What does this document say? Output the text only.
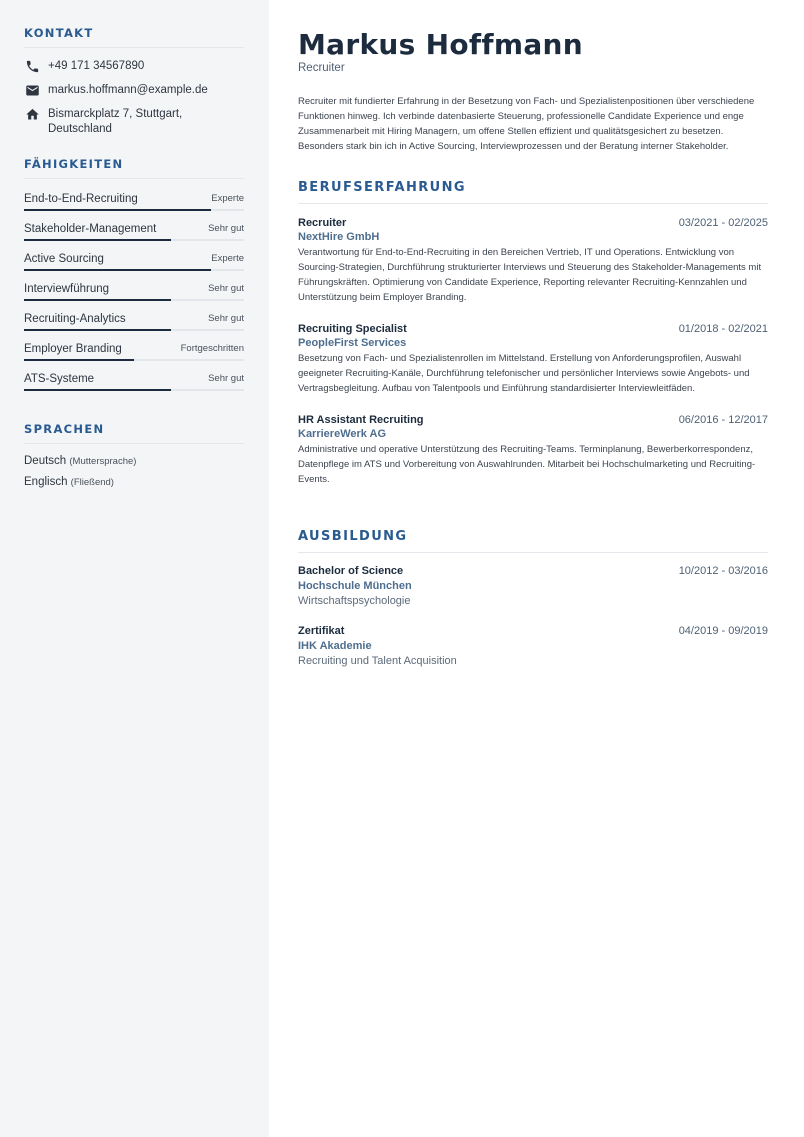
KONTAKT
+49 171 34567890
markus.hoffmann@example.de
Bismarckplatz 7, Stuttgart,
Deutschland
FÄHIGKEITEN
End-to-End-Recruiting	Experte
Stakeholder-Management	Sehr gut
Active Sourcing	Experte
Interviewführung	Sehr gut
Recruiting-Analytics	Sehr gut
Employer Branding	Fortgeschritten
ATS-Systeme	Sehr gut
SPRACHEN
Deutsch (Muttersprache)
Englisch (Fließend)
Markus Hoffmann
Recruiter

Recruiter mit fundierter Erfahrung in der Besetzung von Fach- und Spezialistenpositionen über verschiedene Funktionen hinweg. Ich verbinde datenbasierte Steuerung, professionelle Candidate Experience und enge Zusammenarbeit mit Hiring Managern, um offene Stellen effizient und qualitätsgesichert zu besetzen. Besonders stark bin ich in Active Sourcing, Interviewprozessen und der Beratung interner Stakeholder.

BERUFSERFAHRUNG
Recruiter	03/2021 - 02/2025
NextHire GmbH

Verantwortung für End-to-End-Recruiting in den Bereichen Vertrieb, IT und Operations. Entwicklung von Sourcing-Strategien, Durchführung strukturierter Interviews und Steuerung des Stakeholder-Managements mit Führungskräften. Optimierung von Candidate Experience, Reporting relevanter Recruiting-Kennzahlen und Unterstützung beim Employer Branding.

Recruiting Specialist	01/2018 - 02/2021
PeopleFirst Services

Besetzung von Fach- und Spezialistenrollen im Mittelstand. Erstellung von Anforderungsprofilen, Auswahl geeigneter Recruiting-Kanäle, Durchführung telefonischer und persönlicher Interviews sowie Angebots- und Vertragsbegleitung. Aufbau von Talentpools und Einführung standardisierter Interviewleitfäden.

HR Assistant Recruiting	06/2016 - 12/2017
KarriereWerk AG

Administrative und operative Unterstützung des Recruiting-Teams. Terminplanung, Bewerberkorrespondenz, Datenpflege im ATS und Vorbereitung von Auswahlrunden. Mitarbeit bei Hochschulmarketing und Recruiting-Events.

AUSBILDUNG
Bachelor of Science	10/2012 - 03/2016
Hochschule München
Wirtschaftspsychologie
Zertifikat	04/2019 - 09/2019
IHK Akademie
Recruiting und Talent Acquisition
